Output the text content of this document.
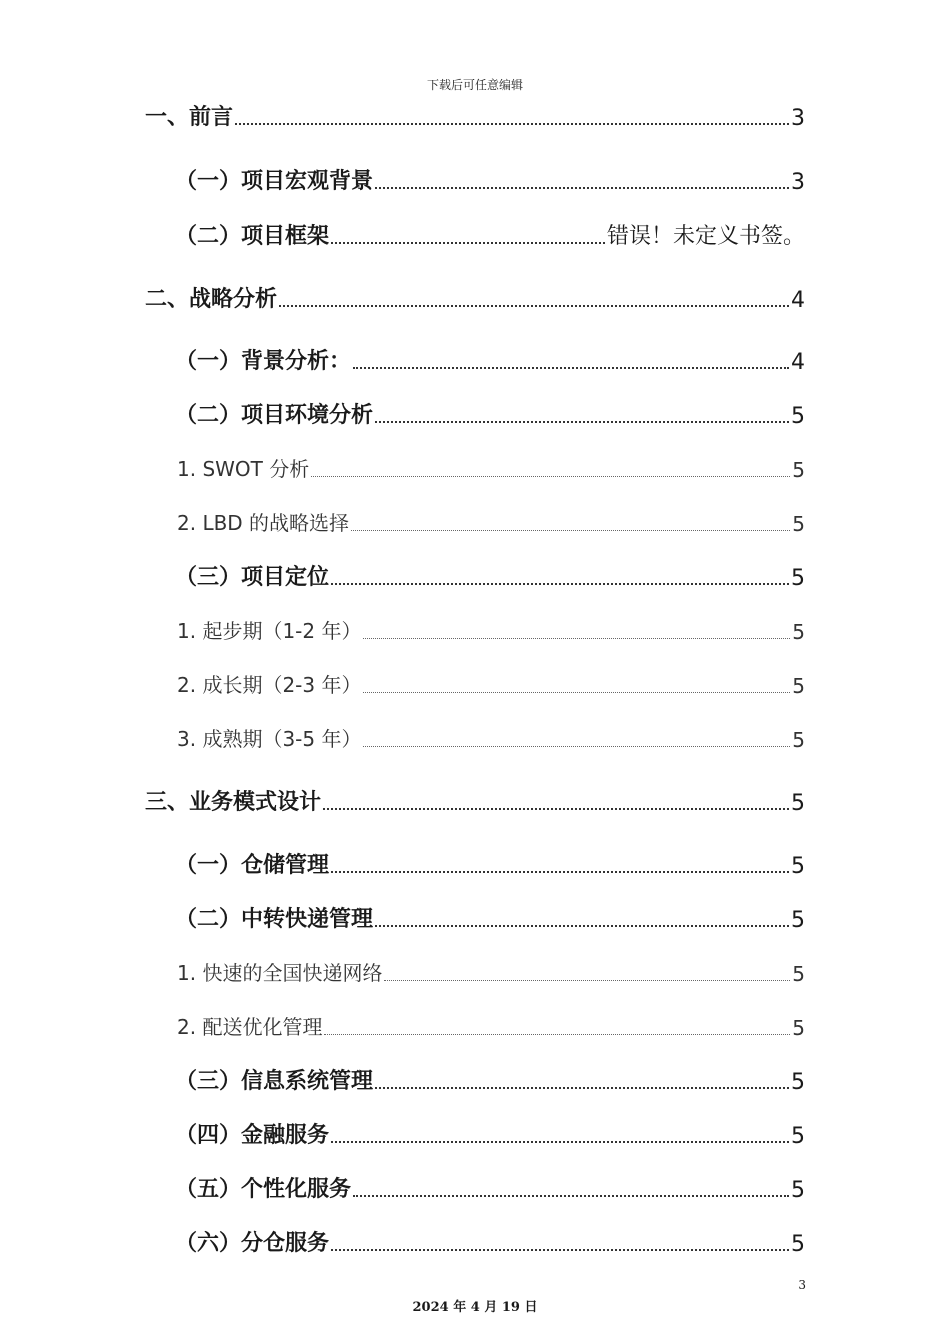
下载后可任意编辑
一、前言	3
（一）项目宏观背景	3
（二）项目框架	错误！未定义书签。
二、战略分析	4
（一）背景分析：	4
（二）项目环境分析	5
1. SWOT 分析	5
2. LBD 的战略选择	5
（三）项目定位	5
1. 起步期（1-2 年）	5
2. 成长期（2-3 年）	5
3. 成熟期（3-5 年）	5
三、业务模式设计	5
（一）仓储管理	5
（二）中转快递管理	5
1. 快速的全国快递网络	5
2. 配送优化管理	5
（三）信息系统管理	5
（四）金融服务	5
（五）个性化服务	5
（六）分仓服务	5
3
2024 年 4 月 19 日
